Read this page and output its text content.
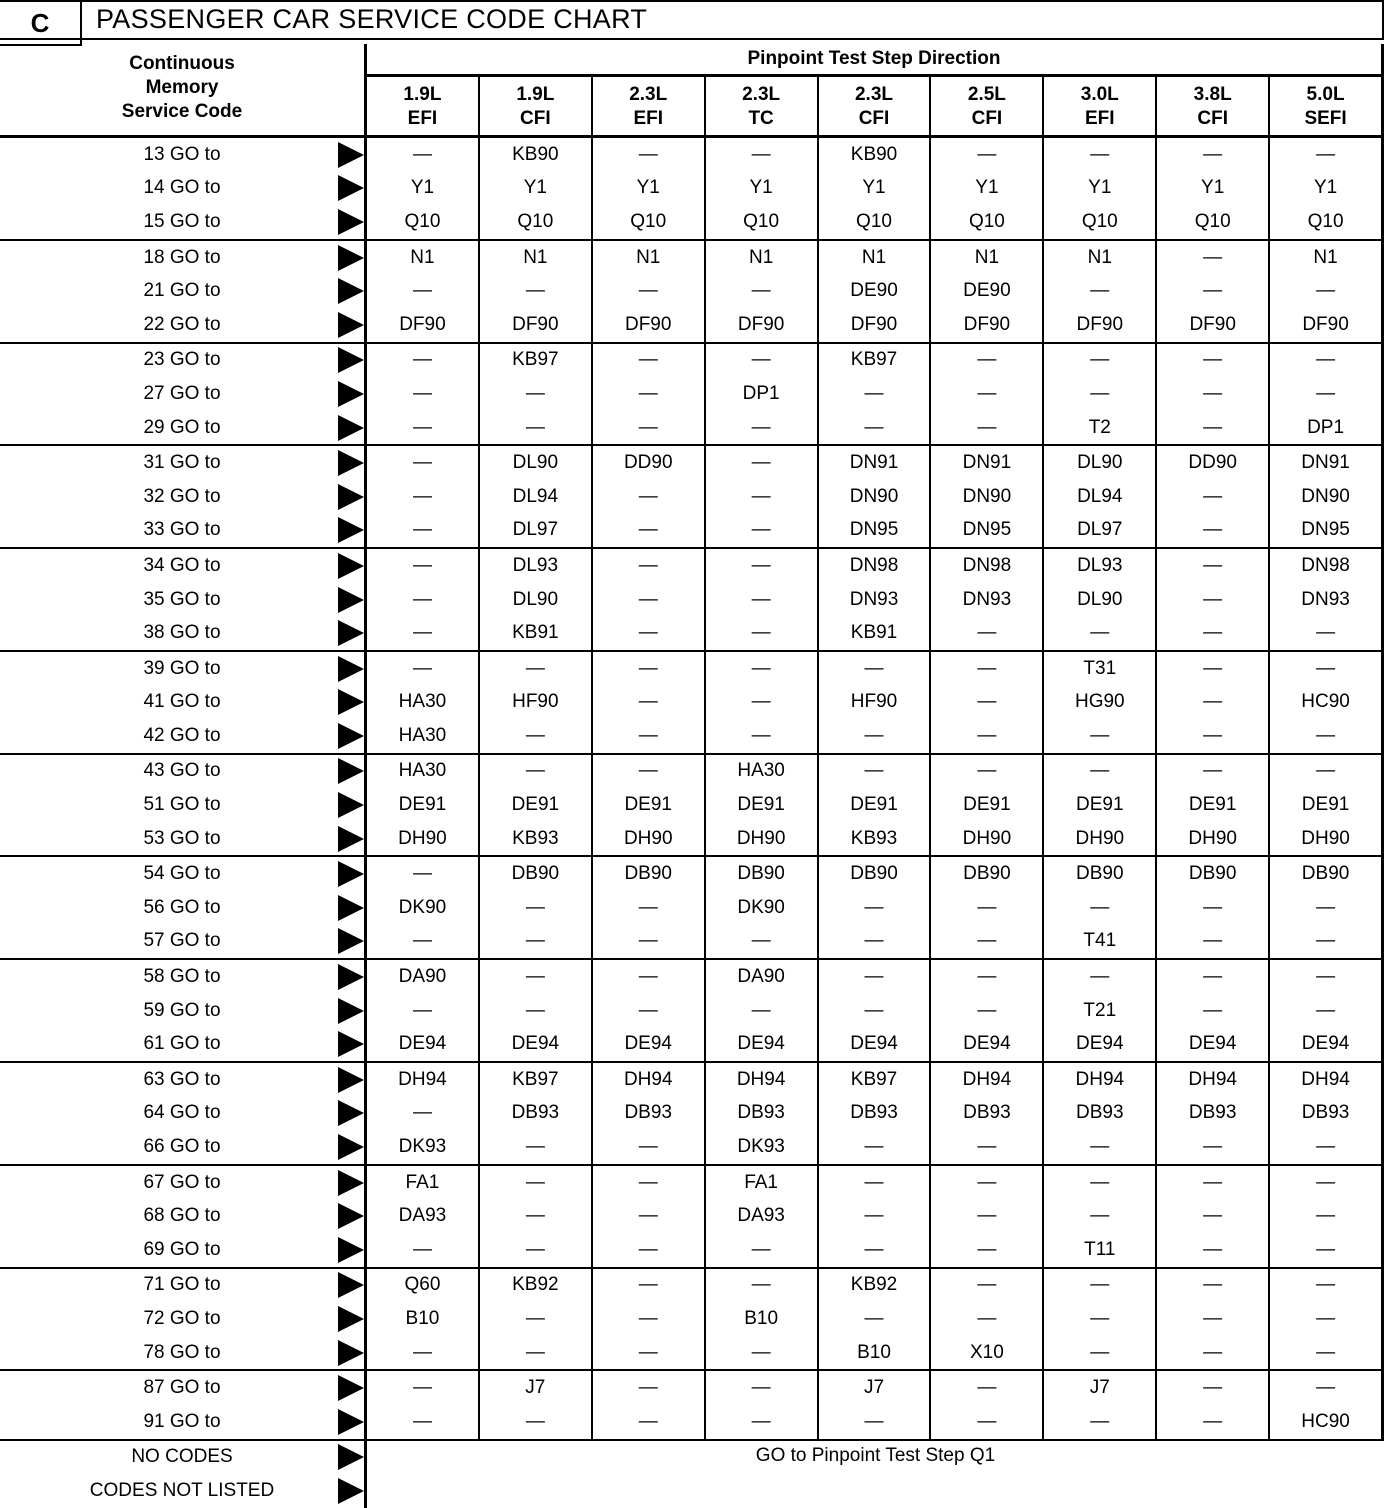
C	PASSENGER CAR SERVICE CODE CHART
Continuous
Memory
Service Code
Pinpoint Test Step Direction
1.9L
EFI
1.9L
CFI
2.3L
EFI
2.3L
TC
2.3L
CFI
2.5L
CFI
3.0L
EFI
3.8L
CFI
5.0L
SEFI
13 GO to
14 GO to
15 GO to
—
Y1
Q10
KB90
Y1
Q10
—
Y1
Q10
—
Y1
Q10
KB90
Y1
Q10
—
Y1
Q10
—
Y1
Q10
—
Y1
Q10
—
Y1
Q10
18 GO to
21 GO to
22 GO to
N1
—
DF90
N1
—
DF90
N1
—
DF90
N1
—
DF90
N1
DE90
DF90
N1
DE90
DF90
N1
—
DF90
—
—
DF90
N1
—
DF90
23 GO to
27 GO to
29 GO to
—
—
—
KB97
—
—
—
—
—
—
DP1
—
KB97
—
—
—
—
—
—
—
T2
—
—
—
—
—
DP1
31 GO to
32 GO to
33 GO to
—
—
—
DL90
DL94
DL97
DD90
—
—
—
—
—
DN91
DN90
DN95
DN91
DN90
DN95
DL90
DL94
DL97
DD90
—
—
DN91
DN90
DN95
34 GO to
35 GO to
38 GO to
—
—
—
DL93
DL90
KB91
—
—
—
—
—
—
DN98
DN93
KB91
DN98
DN93
—
DL93
DL90
—
—
—
—
DN98
DN93
—
39 GO to
41 GO to
42 GO to
—
HA30
HA30
—
HF90
—
—
—
—
—
—
—
—
HF90
—
—
—
—
T31
HG90
—
—
—
—
—
HC90
—
43 GO to
51 GO to
53 GO to
HA30
DE91
DH90
—
DE91
KB93
—
DE91
DH90
HA30
DE91
DH90
—
DE91
KB93
—
DE91
DH90
—
DE91
DH90
—
DE91
DH90
—
DE91
DH90
54 GO to
56 GO to
57 GO to
—
DK90
—
DB90
—
—
DB90
—
—
DB90
DK90
—
DB90
—
—
DB90
—
—
DB90
—
T41
DB90
—
—
DB90
—
—
58 GO to
59 GO to
61 GO to
DA90
—
DE94
—
—
DE94
—
—
DE94
DA90
—
DE94
—
—
DE94
—
—
DE94
—
T21
DE94
—
—
DE94
—
—
DE94
63 GO to
64 GO to
66 GO to
DH94
—
DK93
KB97
DB93
—
DH94
DB93
—
DH94
DB93
DK93
KB97
DB93
—
DH94
DB93
—
DH94
DB93
—
DH94
DB93
—
DH94
DB93
—
67 GO to
68 GO to
69 GO to
FA1
DA93
—
—
—
—
—
—
—
FA1
DA93
—
—
—
—
—
—
—
—
—
T11
—
—
—
—
—
—
71 GO to
72 GO to
78 GO to
Q60
B10
—
KB92
—
—
—
—
—
—
B10
—
KB92
—
B10
—
—
X10
—
—
—
—
—
—
—
—
—
87 GO to
91 GO to
—
—
J7
—
—
—
—
—
J7
—
—
—
J7
—
—
—
—
HC90
NO CODES
CODES NOT LISTED
GO to Pinpoint Test Step Q1
